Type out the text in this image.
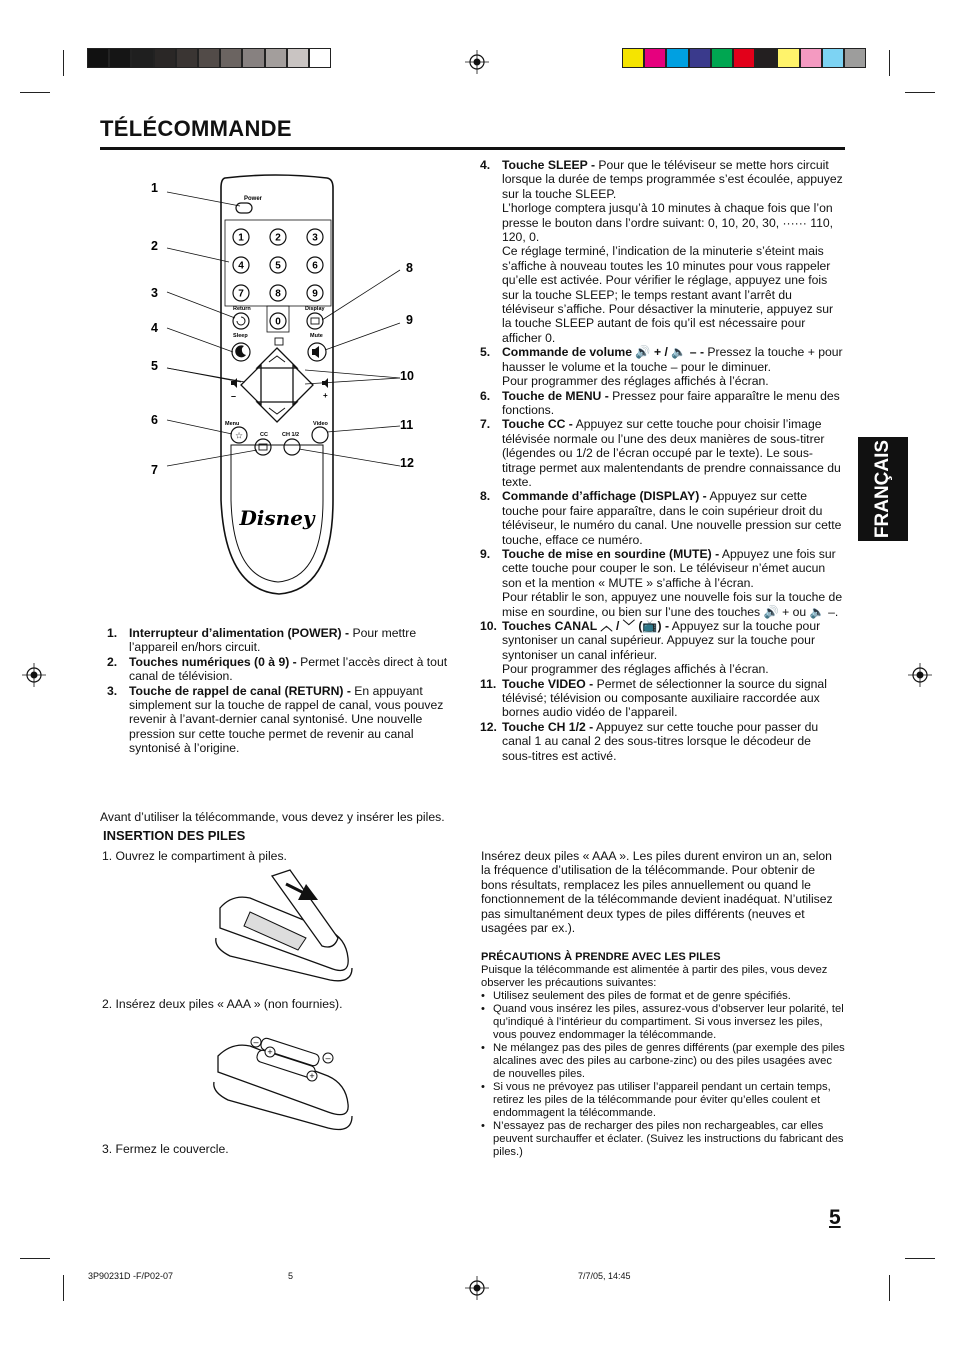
TÉLÉCOMMANDE
FRANÇAIS
Power
1	2	3
4	5	6
7	8	9
0
Return	Display
Sleep	Mute
–	+
Menu	Video
CC	CH 1/2
☆
Disney
1
2
3
4
5
6
7
8
9
10
11
12
1. Interrupteur d’alimentation (POWER) - Pour mettre l’appareil en/hors circuit.
2. Touches numériques (0 à 9) - Permet l’accès direct à tout canal de télévision.
3. Touche de rappel de canal (RETURN) - En appuyant simplement sur la touche de rappel de canal, vous pouvez revenir à l’avant-dernier canal syntonisé. Une nouvelle pression sur cette touche permet de revenir au canal syntonisé à l’origine.
4. Touche SLEEP - Pour que le téléviseur se mette hors circuit lorsque la durée de temps programmée s’est écoulée, appuyez sur la touche SLEEP.
L’horloge comptera jusqu’à 10 minutes à chaque fois que l’on presse le bouton dans l’ordre suivant: 0, 10, 20, 30, ······ 110, 120, 0.
Ce réglage terminé, l’indication de la minuterie s’éteint mais s’affiche à nouveau toutes les 10 minutes pour vous rappeler qu’elle est activée. Pour vérifier le réglage, appuyez une fois sur la touche SLEEP; le temps restant avant l’arrêt du téléviseur s’affiche. Pour désactiver la minuterie, appuyez sur la touche SLEEP autant de fois qu’il est nécessaire pour afficher 0.
5. Commande de volume 🔊 + / 🔈 – - Pressez la touche + pour hausser le volume et la touche – pour le diminuer.
Pour programmer des réglages affichés à l’écran.
6. Touche de MENU - Pressez pour faire apparaître le menu des fonctions.
7. Touche CC - Appuyez sur cette touche pour choisir l’image télévisée normale ou l’une des deux manières de sous-titrer (légendes ou 1/2 de l’écran occupé par le texte). Le sous-titrage permet aux malentendants de prendre connaissance du texte.
8. Commande d’affichage (DISPLAY) - Appuyez sur cette touche pour faire apparaître, dans le coin supérieur droit du téléviseur, le numéro du canal. Une nouvelle pression sur cette touche, efface ce numéro.
9. Touche de mise en sourdine (MUTE) - Appuyez une fois sur cette touche pour couper le son. Le téléviseur n’émet aucun son et la mention « MUTE » s’affiche à l’écran.
Pour rétablir le son, appuyez une nouvelle fois sur la touche de mise en sourdine, ou bien sur l’une des touches 🔊 + ou 🔈 –.
10. Touches CANAL ︿ / ﹀ (📺) - Appuyez sur la touche pour syntoniser un canal supérieur. Appuyez sur la touche pour syntoniser un canal inférieur.
Pour programmer des réglages affichés à l’écran.
11. Touche VIDEO - Permet de sélectionner la source du signal télévisé; télévision ou composante auxiliaire raccordée aux bornes audio vidéo de l’appareil.
12. Touche CH 1/2 - Appuyez sur cette touche pour passer du canal 1 au canal 2 des sous-titres lorsque le décodeur de sous-titres est activé.
Avant d’utiliser la télécommande, vous devez y insérer les piles.
INSERTION DES PILES
1. Ouvrez le compartiment à piles.
2. Insérez deux piles « AAA » (non fournies).
3. Fermez le couvercle.
–
+
–
+
Insérez deux piles « AAA ». Les piles durent environ un an, selon la fréquence d’utilisation de la télécommande. Pour obtenir de bons résultats, remplacez les piles annuellement ou quand le fonctionnement de la télécommande devient inadéquat. N’utilisez pas simultanément deux types de piles différents (neuves et usagées par ex.).
PRÉCAUTIONS À PRENDRE AVEC LES PILES
Puisque la télécommande est alimentée à partir des piles, vous devez observer les précautions suivantes:
• Utilisez seulement des piles de format et de genre spécifiés.
• Quand vous insérez les piles, assurez-vous d’observer leur polarité, tel qu’indiqué à l’intérieur du compartiment. Si vous inversez les piles, vous pouvez endommager la télécommande.
• Ne mélangez pas des piles de genres différents (par exemple des piles alcalines avec des piles au carbone-zinc) ou des piles usagées avec de nouvelles piles.
• Si vous ne prévoyez pas utiliser l’appareil pendant un certain temps, retirez les piles de la télécommande pour éviter qu’elles coulent et endommagent la télécommande.
• N’essayez pas de recharger des piles non rechargeables, car elles peuvent surchauffer et éclater. (Suivez les instructions du fabricant des piles.)
5
3P90231D -F/P02-07	5	7/7/05, 14:45
